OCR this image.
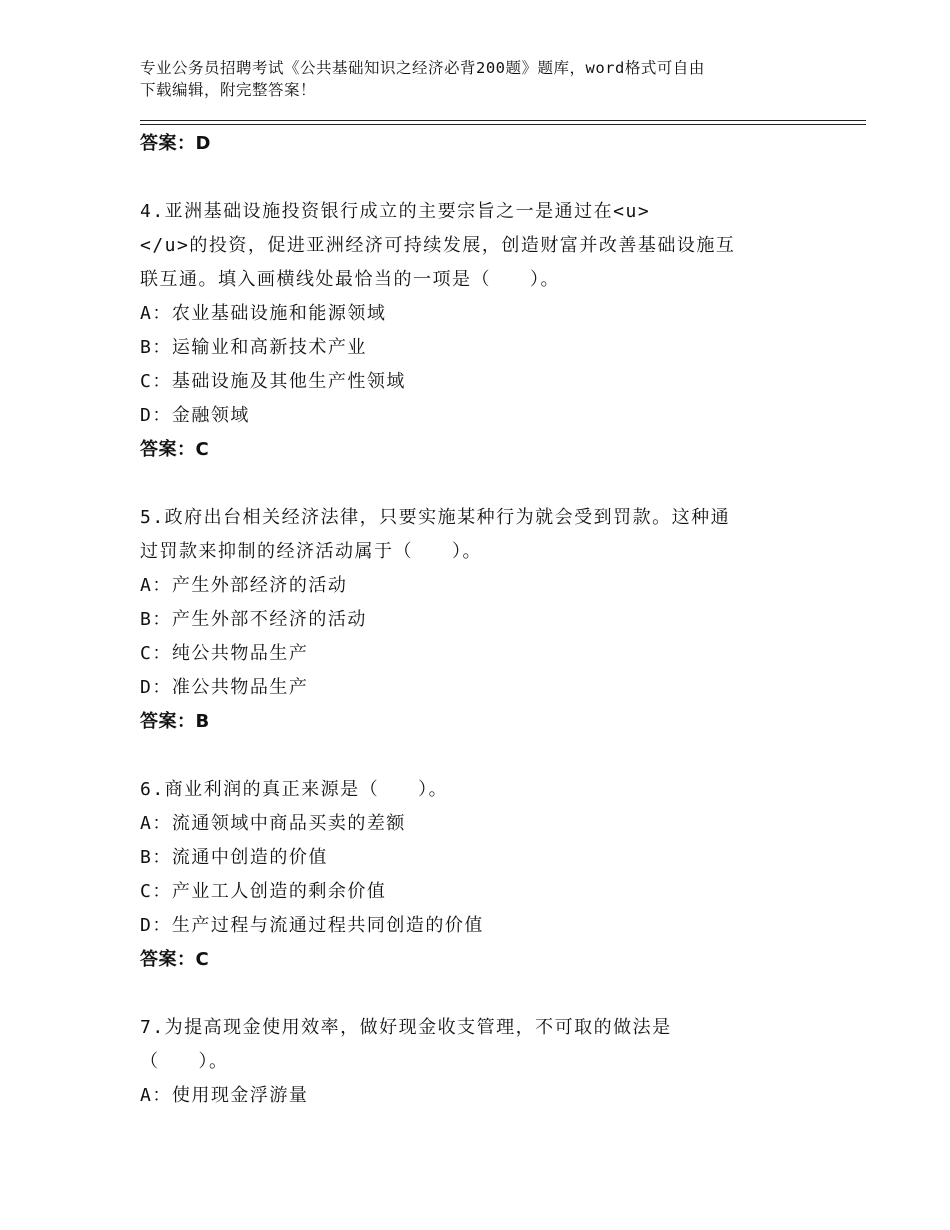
专业公务员招聘考试《公共基础知识之经济必背200题》题库，word格式可自由
下载编辑，附完整答案！
答案：D
4.亚洲基础设施投资银行成立的主要宗旨之一是通过在<u>
</u>的投资，促进亚洲经济可持续发展，创造财富并改善基础设施互
联互通。填入画横线处最恰当的一项是（　　）。
A：农业基础设施和能源领域
B：运输业和高新技术产业
C：基础设施及其他生产性领域
D：金融领域
答案：C
5.政府出台相关经济法律，只要实施某种行为就会受到罚款。这种通
过罚款来抑制的经济活动属于（　　）。
A：产生外部经济的活动
B：产生外部不经济的活动
C：纯公共物品生产
D：准公共物品生产
答案：B
6.商业利润的真正来源是（　　）。
A：流通领域中商品买卖的差额
B：流通中创造的价值
C：产业工人创造的剩余价值
D：生产过程与流通过程共同创造的价值
答案：C
7.为提高现金使用效率，做好现金收支管理，不可取的做法是
（　　）。
A：使用现金浮游量
